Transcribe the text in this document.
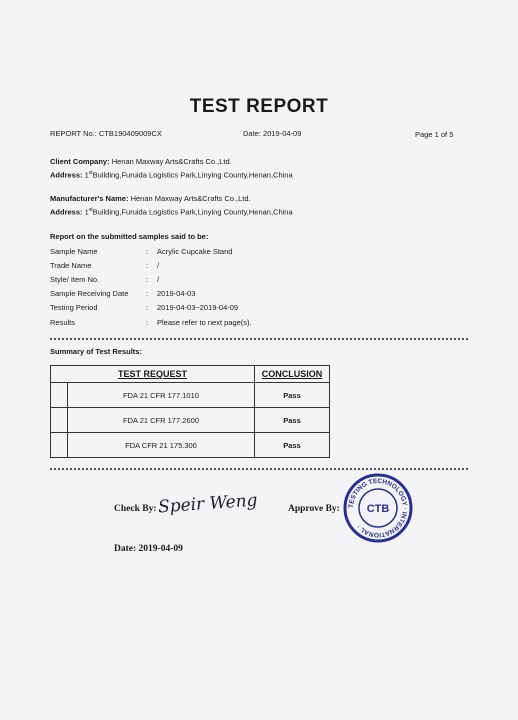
TEST REPORT
REPORT No.: CTB190409009CX	Date: 2019-04-09	Page 1 of 5
Client Company: Henan Maxway Arts&Crafts Co.,Ltd.
Address: 1stBuilding,Furuida Logistics Park,Linying County,Henan,China
Manufacturer's Name: Henan Maxway Arts&Crafts Co.,Ltd.
Address: 1stBuilding,Furuida Logistics Park,Linying County,Henan,China
Report on the submitted samples said to be:
Sample Name	: Acrylic Cupcake Stand
Trade Name	: /
Style/ Item No.	: /
Sample Receiving Date : 2019-04-03
Testing Period	: 2019-04-03~2019-04-09
Results	: Please refer to next page(s).
Summary of Test Results:
TEST REQUEST		CONCLUSION
	FDA 21 CFR 177.1010	Pass
	FDA 21 CFR 177.2600	Pass
	FDA CFR 21 175.300	Pass
Check By: Speir Weng	Approve By: TESTING TECHNOLOGY · INTERNATIONAL ·
CTB
Date: 2019-04-09
